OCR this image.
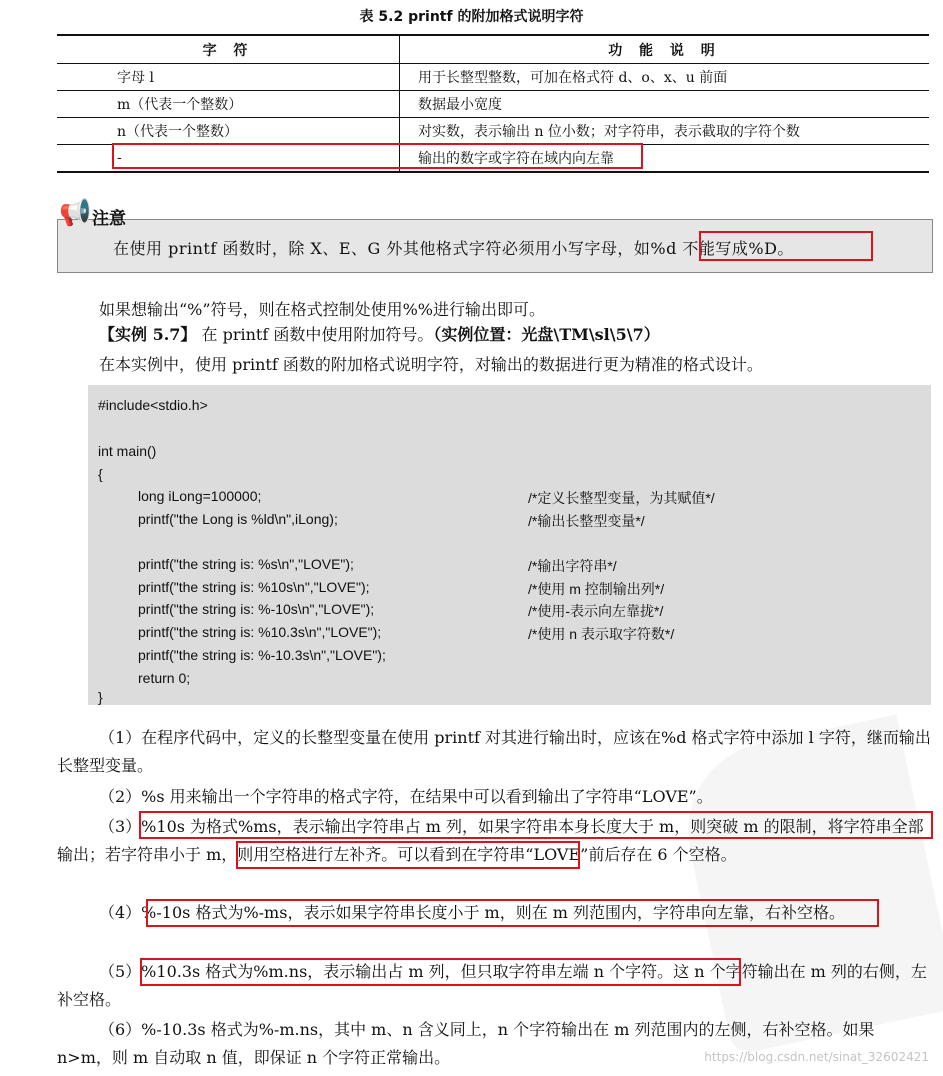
表 5.2 printf 的附加格式说明字符
字 符	功 能 说 明
字母 l	用于长整型整数，可加在格式符 d、o、x、u 前面
m（代表一个整数）	数据最小宽度
n（代表一个整数）	对实数，表示输出 n 位小数；对字符串，表示截取的字符个数
-	输出的数字或字符在域内向左靠
📢 注意
在使用 printf 函数时，除 X、E、G 外其他格式字符必须用小写字母，如%d 不能写成%D。
如果想输出“%”符号，则在格式控制处使用%%进行输出即可。
【实例 5.7】 在 printf 函数中使用附加符号。（实例位置：光盘\TM\sl\5\7）
在本实例中，使用 printf 函数的附加格式说明字符，对输出的数据进行更为精准的格式设计。
#include<stdio.h>
int main()
{
long iLong=100000;	/*定义长整型变量，为其赋值*/
printf("the Long is %ld\n",iLong);	/*输出长整型变量*/
printf("the string is: %s\n","LOVE");	/*输出字符串*/
printf("the string is: %10s\n","LOVE");	/*使用 m 控制输出列*/
printf("the string is: %-10s\n","LOVE");	/*使用-表示向左靠拢*/
printf("the string is: %10.3s\n","LOVE");	/*使用 n 表示取字符数*/
printf("the string is: %-10.3s\n","LOVE");
return 0;
}
（1）在程序代码中，定义的长整型变量在使用 printf 对其进行输出时，应该在%d 格式字符中添加 l 字符，继而输出长整型变量。
（2）%s 用来输出一个字符串的格式字符，在结果中可以看到输出了字符串“LOVE”。
（3）%10s 为格式%ms，表示输出字符串占 m 列，如果字符串本身长度大于 m，则突破 m 的限制，将字符串全部输出；若字符串小于 m，则用空格进行左补齐。可以看到在字符串“LOVE”前后存在 6 个空格。
（4）%-10s 格式为%-ms，表示如果字符串长度小于 m，则在 m 列范围内，字符串向左靠，右补空格。
（5）%10.3s 格式为%m.ns，表示输出占 m 列，但只取字符串左端 n 个字符。这 n 个字符输出在 m 列的右侧，左补空格。
（6）%-10.3s 格式为%-m.ns，其中 m、n 含义同上，n 个字符输出在 m 列范围内的左侧，右补空格。如果 n>m，则 m 自动取 n 值，即保证 n 个字符正常输出。	https://blog.csdn.net/sinat_32602421
